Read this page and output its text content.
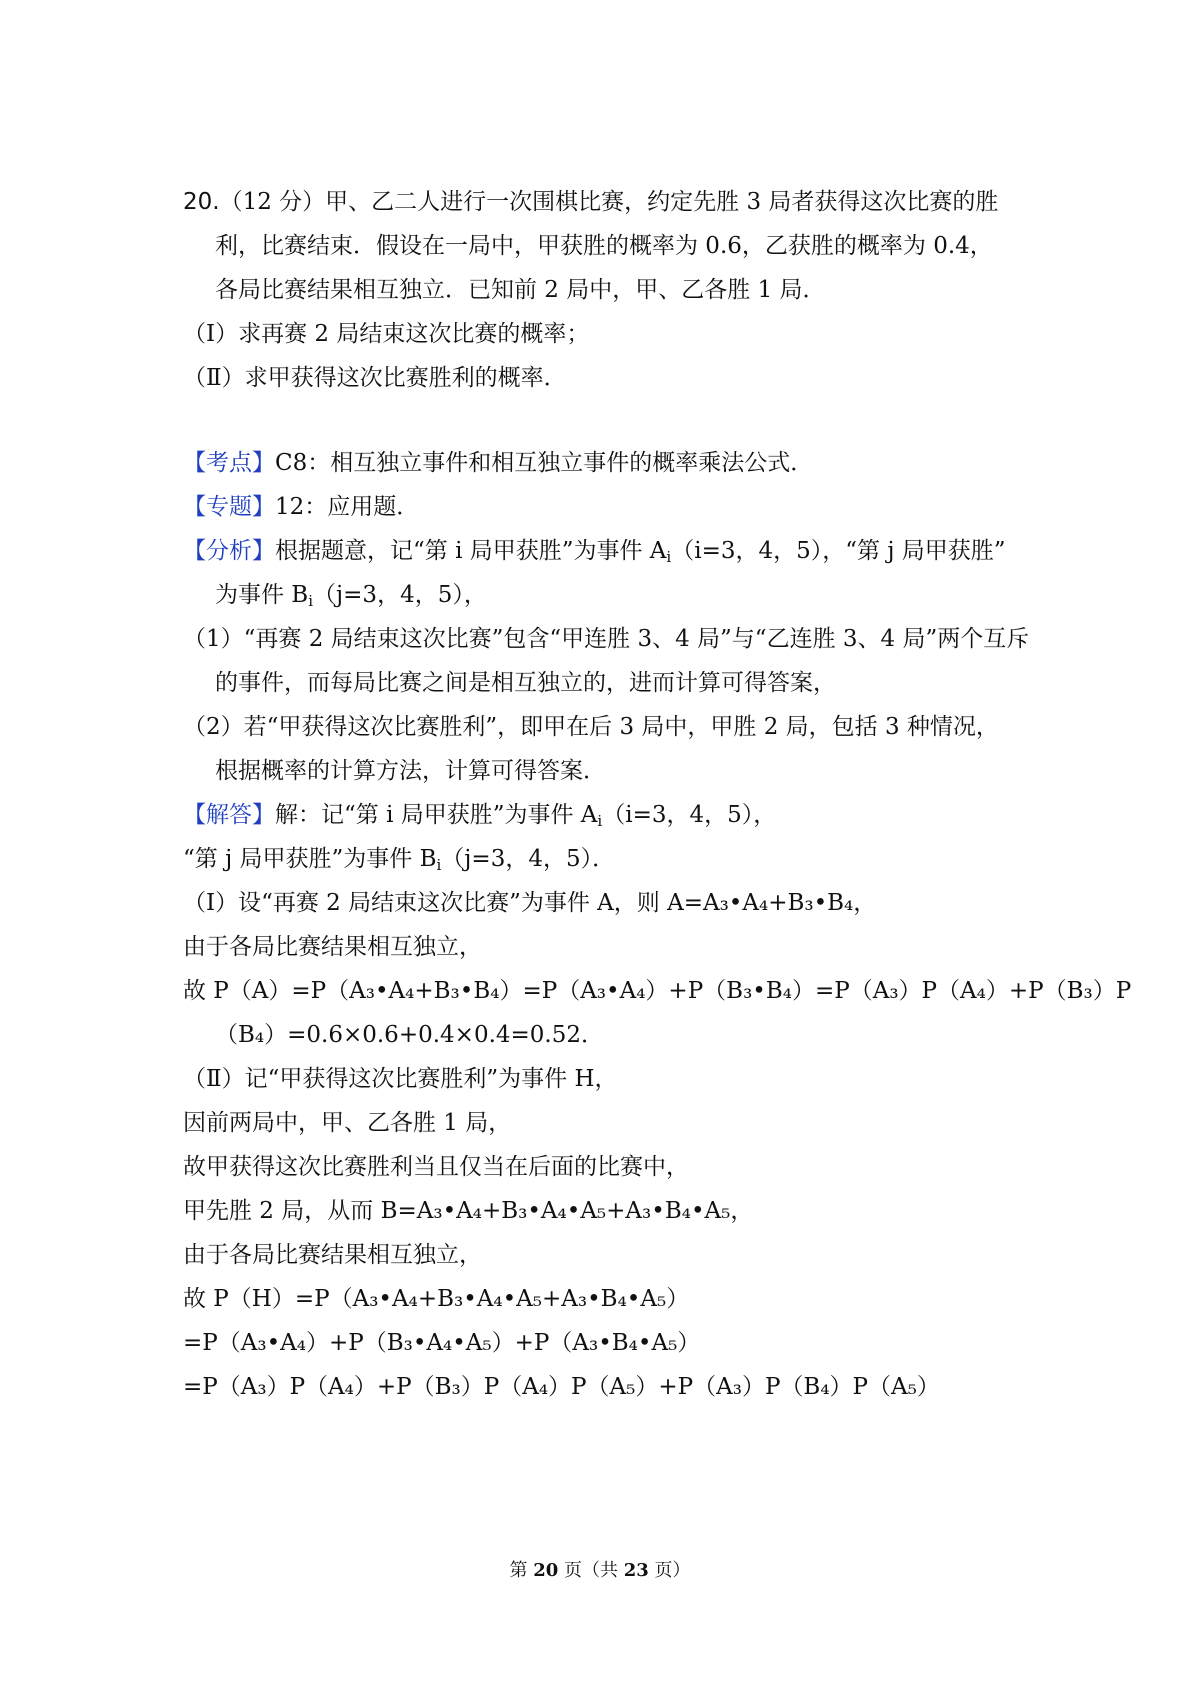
20.（12 分）甲、乙二人进行一次围棋比赛，约定先胜 3 局者获得这次比赛的胜
利，比赛结束．假设在一局中，甲获胜的概率为 0.6，乙获胜的概率为 0.4，
各局比赛结果相互独立．已知前 2 局中，甲、乙各胜 1 局．
（Ⅰ）求再赛 2 局结束这次比赛的概率；
（Ⅱ）求甲获得这次比赛胜利的概率．
【考点】C8：相互独立事件和相互独立事件的概率乘法公式．
【专题】12：应用题．
【分析】根据题意，记“第 i 局甲获胜”为事件 $A_i(i=3$，4，5），“第 j 局甲获胜”
为事件 $B_i(j=3$，4，5），
（1）“再赛 2 局结束这次比赛”包含“甲连胜 3、4 局”与“乙连胜 3、4 局”两个互斥
的事件，而每局比赛之间是相互独立的，进而计算可得答案，
（2）若“甲获得这次比赛胜利”，即甲在后 3 局中，甲胜 2 局，包括 3 种情况，
根据概率的计算方法，计算可得答案．
【解答】解：记“第 i 局甲获胜”为事件 $A_i(i=3$，4，5），
“第 j 局甲获胜”为事件 $B_i(j=3$，4，5）．
（Ⅰ）设“再赛 2 局结束这次比赛”为事件 A，则 A=A₃•A₄+B₃•B₄，
由于各局比赛结果相互独立，
故 P（A）=P（A₃•A₄+B₃•B₄）=P（A₃•A₄）+P（B₃•B₄）=P（A₃）P（A₄）+P（B₃）P
（B₄）=0.6×0.6+0.4×0.4=0.52．
（Ⅱ）记“甲获得这次比赛胜利”为事件 H，
因前两局中，甲、乙各胜 1 局，
故甲获得这次比赛胜利当且仅当在后面的比赛中，
甲先胜 2 局，从而 B=A₃•A₄+B₃•A₄•A₅+A₃•B₄•A₅，
由于各局比赛结果相互独立，
故 P（H）=P（A₃•A₄+B₃•A₄•A₅+A₃•B₄•A₅）
=P（A₃•A₄）+P（B₃•A₄•A₅）+P（A₃•B₄•A₅）
=P（A₃）P（A₄）+P（B₃）P（A₄）P（A₅）+P（A₃）P（B₄）P（A₅）
第 20 页（共 23 页）
